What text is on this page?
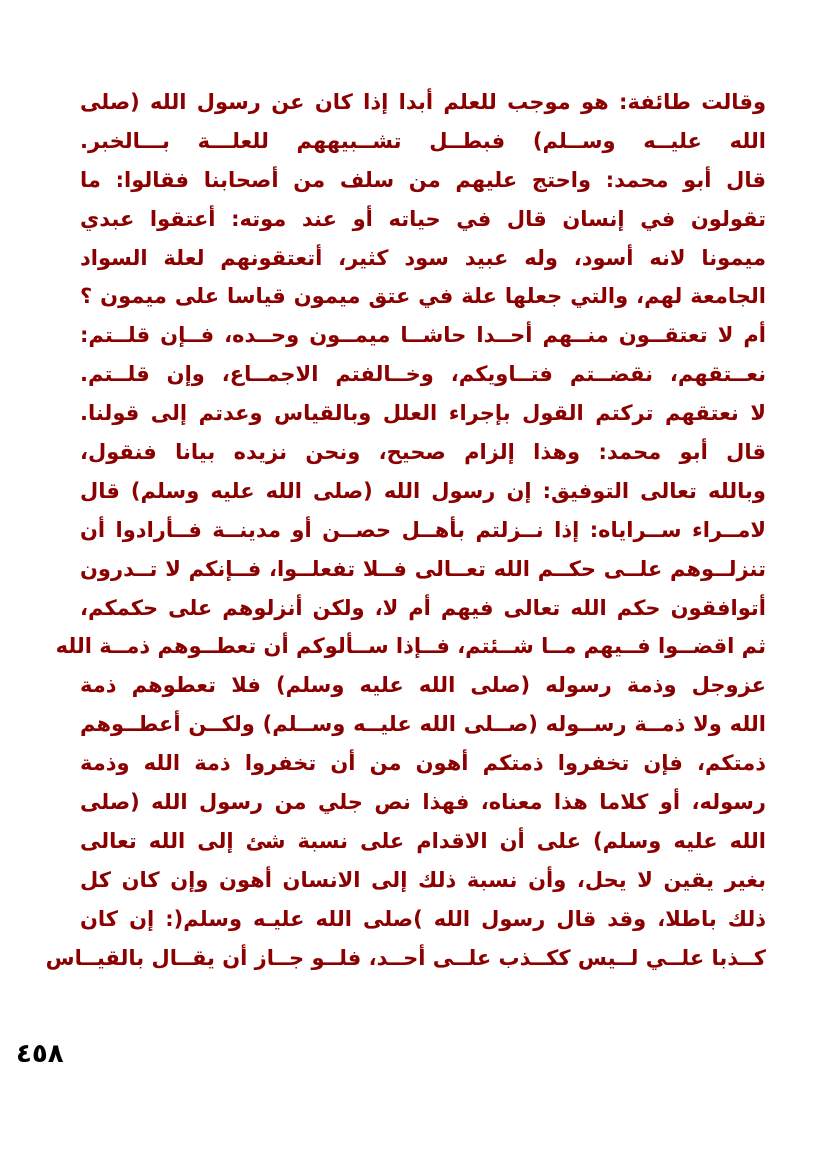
وقالت طائفة: هو موجب للعلم أبدا إذا كان عن رسول الله (صلى
الله عليــه وســلم) فبطــل تشــبيههم للعلـــة بـــالخبر.
قال أبو محمد: واحتج عليهم من سلف من أصحابنا فقالوا: ما
تقولون في إنسان قال في حياته أو عند موته: أعتقوا عبدي
ميمونا لانه أسود، وله عبيد سود كثير، أتعتقونهم لعلة السواد
الجامعة لهم، والتي جعلها علة في عتق ميمون قياسا على ميمون ؟
أم لا تعتقــون منــهم أحــدا حاشــا ميمــون وحــده، فــإن قلــتم:
نعــتقهم، نقضــتم فتــاويكم، وخــالفتم الاجمــاع، وإن قلــتم.
لا نعتقهم تركتم القول بإجراء العلل وبالقياس وعدتم إلى قولنا.
قال أبو محمد: وهذا إلزام صحيح، ونحن نزيده بيانا فنقول،
وبالله تعالى التوفيق: إن رسول الله (صلى الله عليه وسلم) قال
لامــراء ســراياه: إذا نــزلتم بأهــل حصــن أو مدينــة فــأرادوا أن
تنزلــوهم علــى حكــم الله تعــالى فــلا تفعلــوا، فــإنكم لا تــدرون
أتوافقون حكم الله تعالى فيهم أم لا، ولكن أنزلوهم على حكمكم،
ثم اقضــوا فــيهم مــا شــئتم، فــإذا ســألوكم أن تعطــوهم ذمــة الله
عزوجل وذمة رسوله (صلى الله عليه وسلم) فلا تعطوهم ذمة
الله ولا ذمــة رســوله (صــلى الله عليــه وســلم) ولكــن أعطــوهم
ذمتكم، فإن تخفروا ذمتكم أهون من أن تخفروا ذمة الله وذمة
رسوله، أو كلاما هذا معناه، فهذا نص جلي من رسول الله (صلى
الله عليه وسلم) على أن الاقدام على نسبة شئ إلى الله تعالى
بغير يقين لا يحل، وأن نسبة ذلك إلى الانسان أهون وإن كان كل
ذلك باطلا، وقد قال رسول الله )صلى الله عليـه وسلم(: إن كان
كــذبا علــي لــيس ككــذب علــى أحــد، فلــو جــاز أن يقــال بالقيــاس
٤٥٨
